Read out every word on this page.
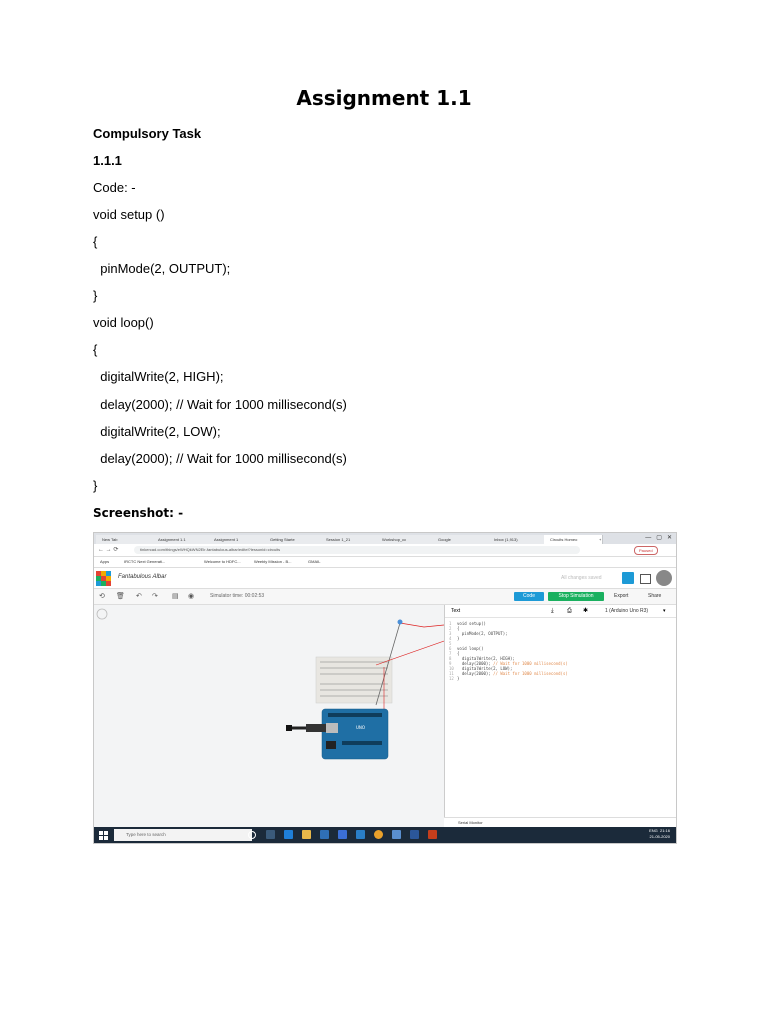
Assignment 1.1
Compulsory Task
1.1.1
Code: -
void setup ()
{
pinMode(2, OUTPUT);
}
void loop()
{
digitalWrite(2, HIGH);
delay(2000); // Wait for 1000 millisecond(s)
digitalWrite(2, LOW);
delay(2000); // Wait for 1000 millisecond(s)
}
Screenshot: -
New Tab	Assignment 1.1	Assignment 1	Getting Starte	Session 1_21	Workshop_cc	Google	Inbox (1,913)	Circuits Homeo	+	—   ▢   ✕
← → ⟳	tinkercad.com/things/eWHQkWN2Elr-fantabulous-albar/editel?lessonid=circuits	Paused
Apps	IRCTC Next Generati...	Welcome to HDFC...	Weebly Mission - B...	GMAIL
Fantabulous Albar	All changes saved
⟲ 🗑 ↶ ↷ ▤ ◉	Simulator time: 00:02:53	Code	Stop Simulation	Export	Share
UNO
Text	⤓ ⎙ ✱	1 (Arduino Uno R3)	▾
1 void setup()
2 {
3  pinMode(2, OUTPUT);
4 }
5
6 void loop()
7 {
8  digitalWrite(2, HIGH);
9  delay(2000); // Wait for 1000 millisecond(s)
10  digitalWrite(2, LOW);
11  delay(2000); // Wait for 1000 millisecond(s)
12 }
Serial Monitor
Type here to search
ENG 21:16
21-05-2020
